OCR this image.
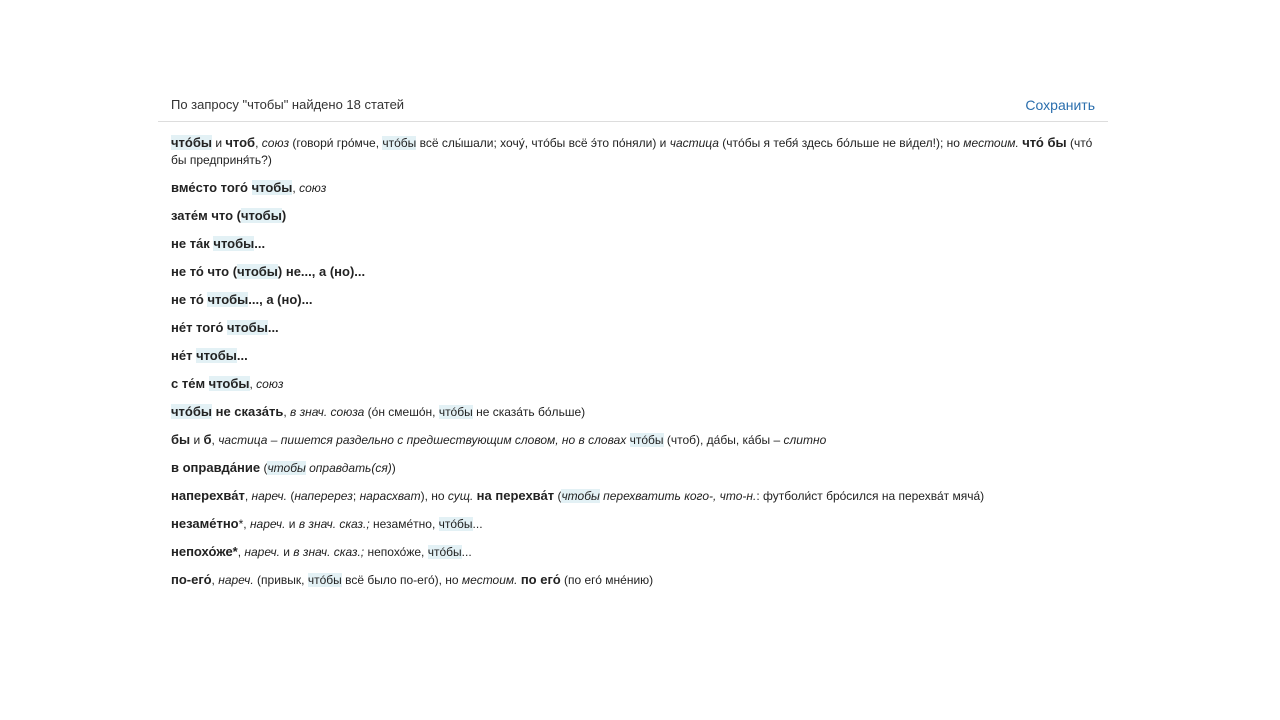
По запросу "чтобы" найдено 18 статей	Сохранить
чтóбы и чтоб, союз (говори́ гро́мче, чтóбы всё слы́шали; хочу́, чтóбы всё э́то по́няли) и частица (чтóбы я тебя́ здесь бо́льше не ви́дел!); но местоим. что́ бы (что́ бы предприня́ть?)
вме́сто того́ чтобы, союз
зате́м что (чтобы)
не та́к чтобы...
не то́ что (чтобы) не..., а (но)...
не то́ чтобы..., а (но)...
не́т того́ чтобы...
не́т чтобы...
с те́м чтобы, союз
чтóбы не сказа́ть, в знач. союза (о́н смешо́н, чтóбы не сказа́ть бо́льше)
бы и б, частица – пишется раздельно с предшествующим словом, но в словах чтóбы (чтоб), да́бы, ка́бы – слитно
в оправда́ние (чтобы оправдать(ся))
наперехва́т, нареч. (наперерез; нарасхват), но сущ. на перехва́т (чтобы перехватить кого-, что-н.: футболи́ст бро́сился на перехва́т мяча́)
незаме́тно*, нареч. и в знач. сказ.; незаме́тно, чтóбы...
непохо́же*, нареч. и в знач. сказ.; непохо́же, чтóбы...
по-его́, нареч. (привык, чтóбы всё было по-его́), но местоим. по его́ (по его́ мне́нию)
